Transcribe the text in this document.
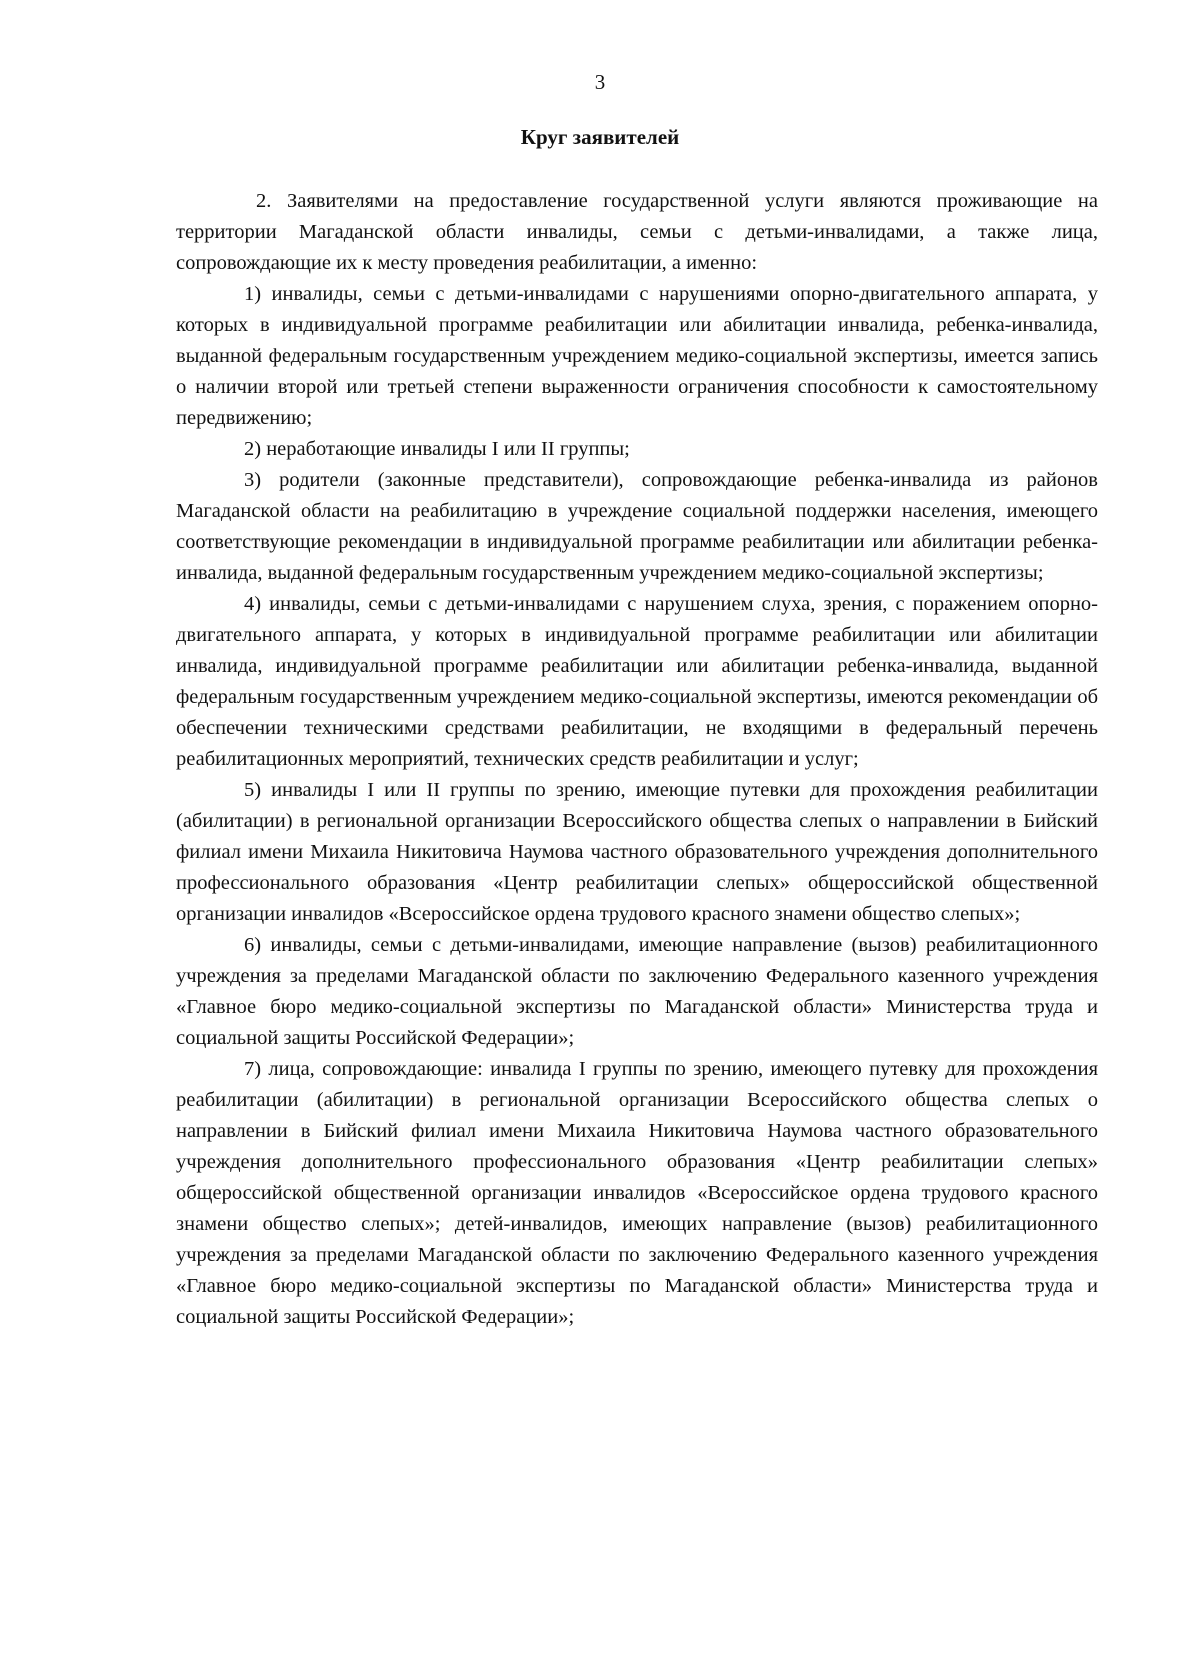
3
Круг заявителей

2. Заявителями на предоставление государственной услуги являются проживающие на территории Магаданской области инвалиды, семьи с детьми-инвалидами, а также лица, сопровождающие их к месту проведения реабилитации, а именно:

1) инвалиды, семьи с детьми-инвалидами с нарушениями опорно-двигательного аппарата, у которых в индивидуальной программе реабилитации или абилитации инвалида, ребенка-инвалида, выданной федеральным государственным учреждением медико-социальной экспертизы, имеется запись о наличии второй или третьей степени выраженности ограничения способности к самостоятельному передвижению;

2) неработающие инвалиды I или II группы;

3) родители (законные представители), сопровождающие ребенка-инвалида из районов Магаданской области на реабилитацию в учреждение социальной поддержки населения, имеющего соответствующие рекомендации в индивидуальной программе реабилитации или абилитации ребенка-инвалида, выданной федеральным государственным учреждением медико-социальной экспертизы;

4) инвалиды, семьи с детьми-инвалидами с нарушением слуха, зрения, с поражением опорно-двигательного аппарата, у которых в индивидуальной программе реабилитации или абилитации инвалида, индивидуальной программе реабилитации или абилитации ребенка-инвалида, выданной федеральным государственным учреждением медико-социальной экспертизы, имеются рекомендации об обеспечении техническими средствами реабилитации, не входящими в федеральный перечень реабилитационных мероприятий, технических средств реабилитации и услуг;

5) инвалиды I или II группы по зрению, имеющие путевки для прохождения реабилитации (абилитации) в региональной организации Всероссийского общества слепых о направлении в Бийский филиал имени Михаила Никитовича Наумова частного образовательного учреждения дополнительного профессионального образования «Центр реабилитации слепых» общероссийской общественной организации инвалидов «Всероссийское ордена трудового красного знамени общество слепых»;

6) инвалиды, семьи с детьми-инвалидами, имеющие направление (вызов) реабилитационного учреждения за пределами Магаданской области по заключению Федерального казенного учреждения «Главное бюро медико-социальной экспертизы по Магаданской области» Министерства труда и социальной защиты Российской Федерации»;

7) лица, сопровождающие: инвалида I группы по зрению, имеющего путевку для прохождения реабилитации (абилитации) в региональной организации Всероссийского общества слепых о направлении в Бийский филиал имени Михаила Никитовича Наумова частного образовательного учреждения дополнительного профессионального образования «Центр реабилитации слепых» общероссийской общественной организации инвалидов «Всероссийское ордена трудового красного знамени общество слепых»; детей-инвалидов, имеющих направление (вызов) реабилитационного учреждения за пределами Магаданской области по заключению Федерального казенного учреждения «Главное бюро медико-социальной экспертизы по Магаданской области» Министерства труда и социальной защиты Российской Федерации»;
